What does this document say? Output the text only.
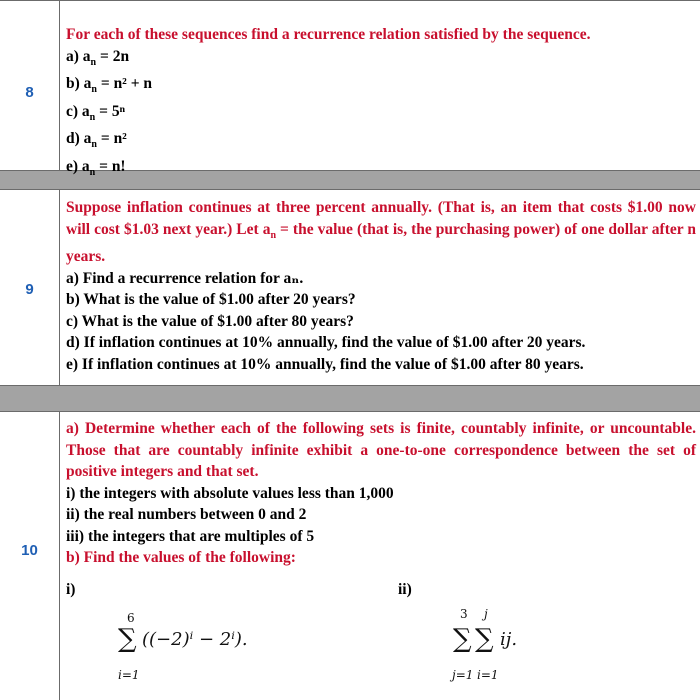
8
For each of these sequences find a recurrence relation satisfied by the sequence.
a) $a_n = 2n$
b) $a_n = n^2 + n$
c) $a_n = 5^n$
d) $a_n = n^2$
e) $a_n = n$!
9
Suppose inflation continues at three percent annually. (That is, an item that costs $1.00 now will cost $1.03 next year.) Let $a_n$ = the value (that is, the purchasing power) of one dollar after n years.
a) Find a recurrence relation for aₙ.
b) What is the value of $1.00 after 20 years?
c) What is the value of $1.00 after 80 years?
d) If inflation continues at 10% annually, find the value of $1.00 after 20 years.
e) If inflation continues at 10% annually, find the value of $1.00 after 80 years.
10
a) Determine whether each of the following sets is finite, countably infinite, or uncountable. Those that are countably infinite exhibit a one-to-one correspondence between the set of positive integers and that set.
i) the integers with absolute values less than 1,000
ii) the real numbers between 0 and 2
iii) the integers that are multiples of 5
b) Find the values of the following:
i)	ii)
6
∑ ((−2)ⁱ − 2ⁱ).
i=1
3 j
∑ ∑ ij.
j=1 i=1
